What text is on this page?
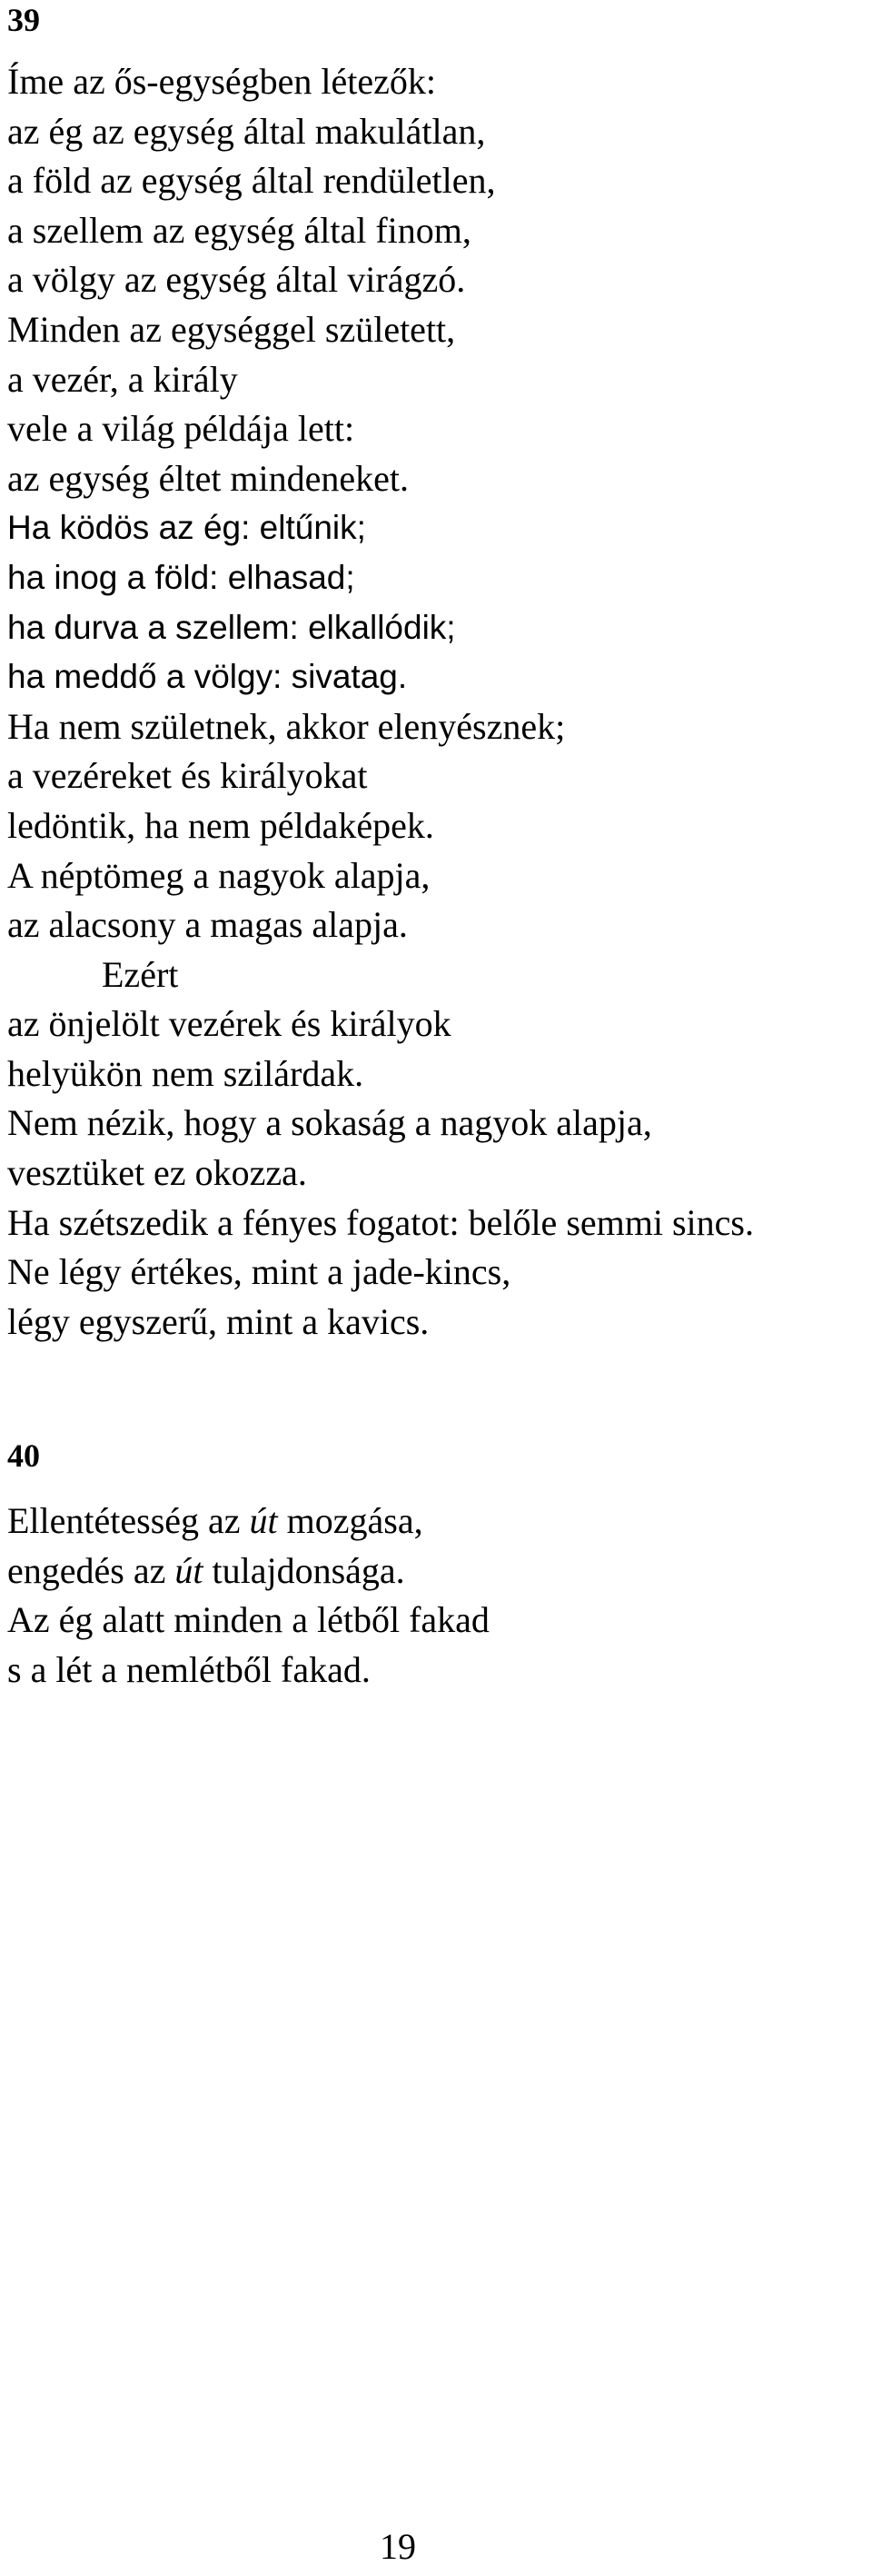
39
Íme az ős-egységben létezők:
az ég az egység által makulátlan,
a föld az egység által rendületlen,
a szellem az egység által finom,
a völgy az egység által virágzó.
Minden az egységgel született,
a vezér, a király
vele a világ példája lett:
az egység éltet mindeneket.
Ha ködös az ég: eltűnik;
ha inog a föld: elhasad;
ha durva a szellem: elkallódik;
ha meddő a völgy: sivatag.
Ha nem születnek, akkor elenyésznek;
a vezéreket és királyokat
ledöntik, ha nem példaképek.
A néptömeg a nagyok alapja,
az alacsony a magas alapja.
Ezért
az önjelölt vezérek és királyok
helyükön nem szilárdak.
Nem nézik, hogy a sokaság a nagyok alapja,
vesztüket ez okozza.
Ha szétszedik a fényes fogatot: belőle semmi sincs.
Ne légy értékes, mint a jade-kincs,
légy egyszerű, mint a kavics.
40
Ellentétesség az út mozgása,
engedés az út tulajdonsága.
Az ég alatt minden a létből fakad
s a lét a nemlétből fakad.
19
